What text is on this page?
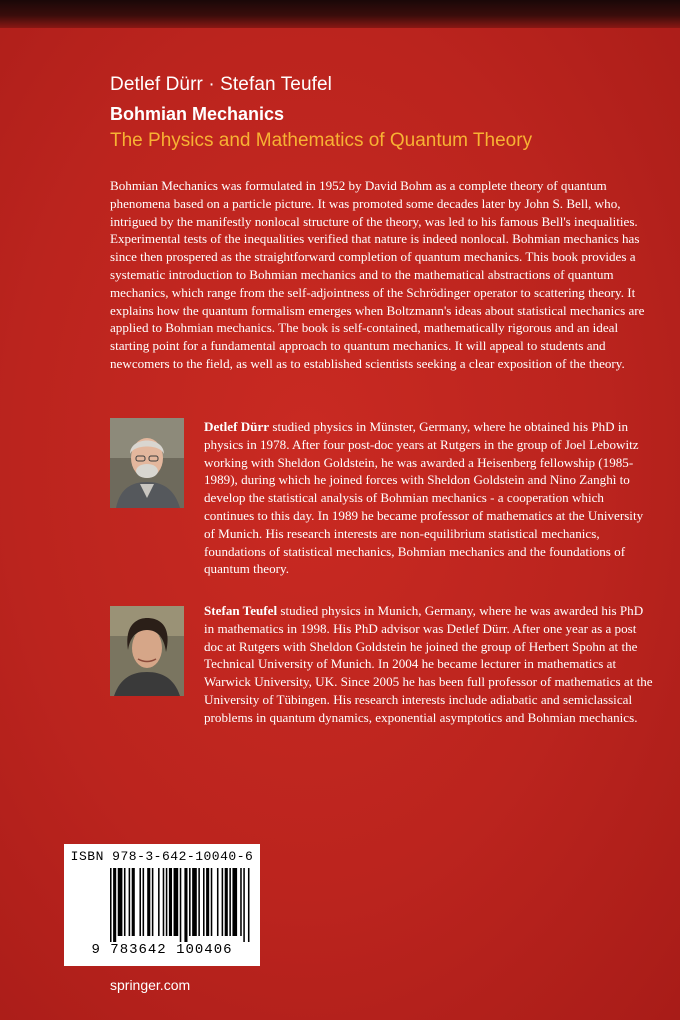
Detlef Dürr · Stefan Teufel
Bohmian Mechanics
The Physics and Mathematics of Quantum Theory

Bohmian Mechanics was formulated in 1952 by David Bohm as a complete theory of quantum phenomena based on a particle picture. It was promoted some decades later by John S. Bell, who, intrigued by the manifestly nonlocal structure of the theory, was led to his famous Bell's inequalities. Experimental tests of the inequalities verified that nature is indeed nonlocal. Bohmian mechanics has since then prospered as the straightforward completion of quantum mechanics. This book provides a systematic introduction to Bohmian mechanics and to the mathematical abstractions of quantum mechanics, which range from the self-adjointness of the Schrödinger operator to scattering theory. It explains how the quantum formalism emerges when Boltzmann's ideas about statistical mechanics are applied to Bohmian mechanics. The book is self-contained, mathematically rigorous and an ideal starting point for a fundamental approach to quantum mechanics. It will appeal to students and newcomers to the field, as well as to established scientists seeking a clear exposition of the theory.

Detlef Dürr studied physics in Münster, Germany, where he obtained his PhD in physics in 1978. After four post-doc years at Rutgers in the group of Joel Lebowitz working with Sheldon Goldstein, he was awarded a Heisenberg fellowship (1985-1989), during which he joined forces with Sheldon Goldstein and Nino Zanghì to develop the statistical analysis of Bohmian mechanics - a cooperation which continues to this day. In 1989 he became professor of mathematics at the University of Munich. His research interests are non-equilibrium statistical mechanics, foundations of statistical mechanics, Bohmian mechanics and the foundations of quantum theory.

Stefan Teufel studied physics in Munich, Germany, where he was awarded his PhD in mathematics in 1998. His PhD advisor was Detlef Dürr. After one year as a post doc at Rutgers with Sheldon Goldstein he joined the group of Herbert Spohn at the Technical University of Munich. In 2004 he became lecturer in mathematics at Warwick University, UK. Since 2005 he has been full professor of mathematics at the University of Tübingen. His research interests include adiabatic and semiclassical problems in quantum dynamics, exponential asymptotics and Bohmian mechanics.

ISBN 978-3-642-10040-6
9 783642 100406
springer.com
